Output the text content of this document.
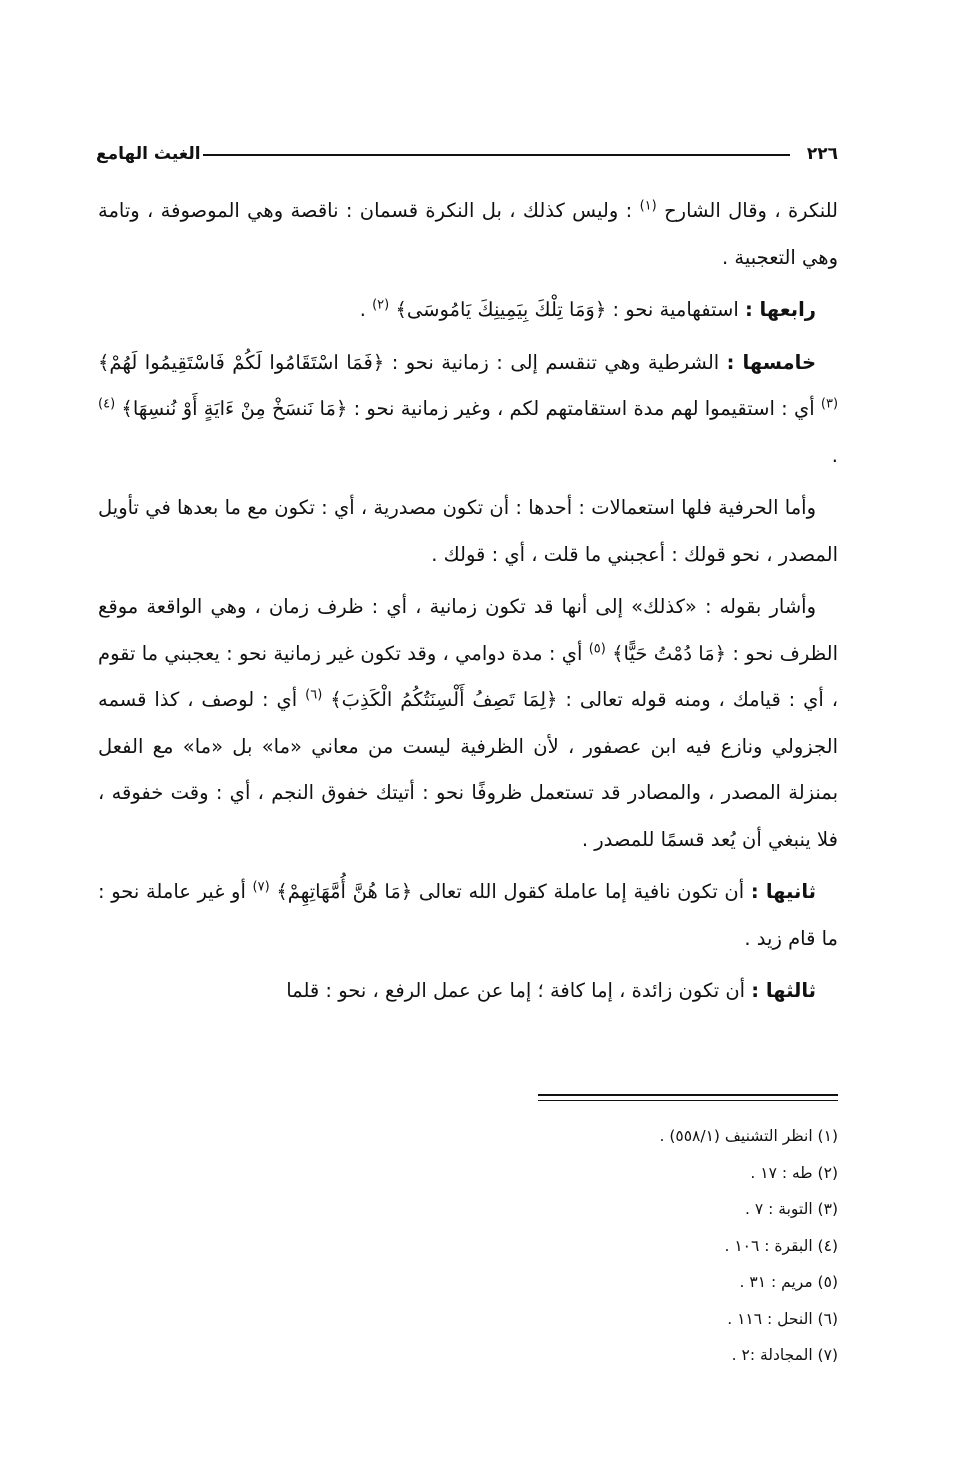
٢٢٦
الغيث الهامع

للنكرة ، وقال الشارح $^{(١)}$ : وليس كذلك ، بل النكرة قسمان : ناقصة وهي الموصوفة ، وتامة وهي التعجبية .

رابعها : استفهامية نحو : ﴿وَمَا تِلْكَ بِيَمِينِكَ يَامُوسَى﴾ $^{(٢)}$ .

خامسها : الشرطية وهي تنقسم إلى : زمانية نحو : ﴿فَمَا اسْتَقَامُوا لَكُمْ فَاسْتَقِيمُوا لَهُمْ﴾ $^{(٣)}$ أي : استقيموا لهم مدة استقامتهم لكم ، وغير زمانية نحو : ﴿مَا نَنسَخْ مِنْ ءَايَةٍ أَوْ نُنسِهَا﴾ $^{(٤)}$ .

وأما الحرفية فلها استعمالات : أحدها : أن تكون مصدرية ، أي : تكون مع ما بعدها في تأويل المصدر ، نحو قولك : أعجبني ما قلت ، أي : قولك .

وأشار بقوله : «كذلك» إلى أنها قد تكون زمانية ، أي : ظرف زمان ، وهي الواقعة موقع الظرف نحو : ﴿مَا دُمْتُ حَيًّا﴾ $^{(٥)}$ أي : مدة دوامي ، وقد تكون غير زمانية نحو : يعجبني ما تقوم ، أي : قيامك ، ومنه قوله تعالى : ﴿لِمَا تَصِفُ أَلْسِنَتُكُمُ الْكَذِبَ﴾ $^{(٦)}$ أي : لوصف ، كذا قسمه الجزولي ونازع فيه ابن عصفور ، لأن الظرفية ليست من معاني «ما» بل «ما» مع الفعل بمنزلة المصدر ، والمصادر قد تستعمل ظروفًا نحو : أتيتك خفوق النجم ، أي : وقت خفوقه ، فلا ينبغي أن يُعد قسمًا للمصدر .

ثانيها : أن تكون نافية إما عاملة كقول الله تعالى ﴿مَا هُنَّ أُمَّهَاتِهِمْ﴾ $^{(٧)}$ أو غير عاملة نحو : ما قام زيد .

ثالثها : أن تكون زائدة ، إما كافة ؛ إما عن عمل الرفع ، نحو : قلما

(١) انظر التشنيف (٥٥٨/١) .

(٢) طه : ١٧ .

(٣) التوبة : ٧ .

(٤) البقرة : ١٠٦ .

(٥) مريم : ٣١ .

(٦) النحل : ١١٦ .

(٧) المجادلة :٢ .
